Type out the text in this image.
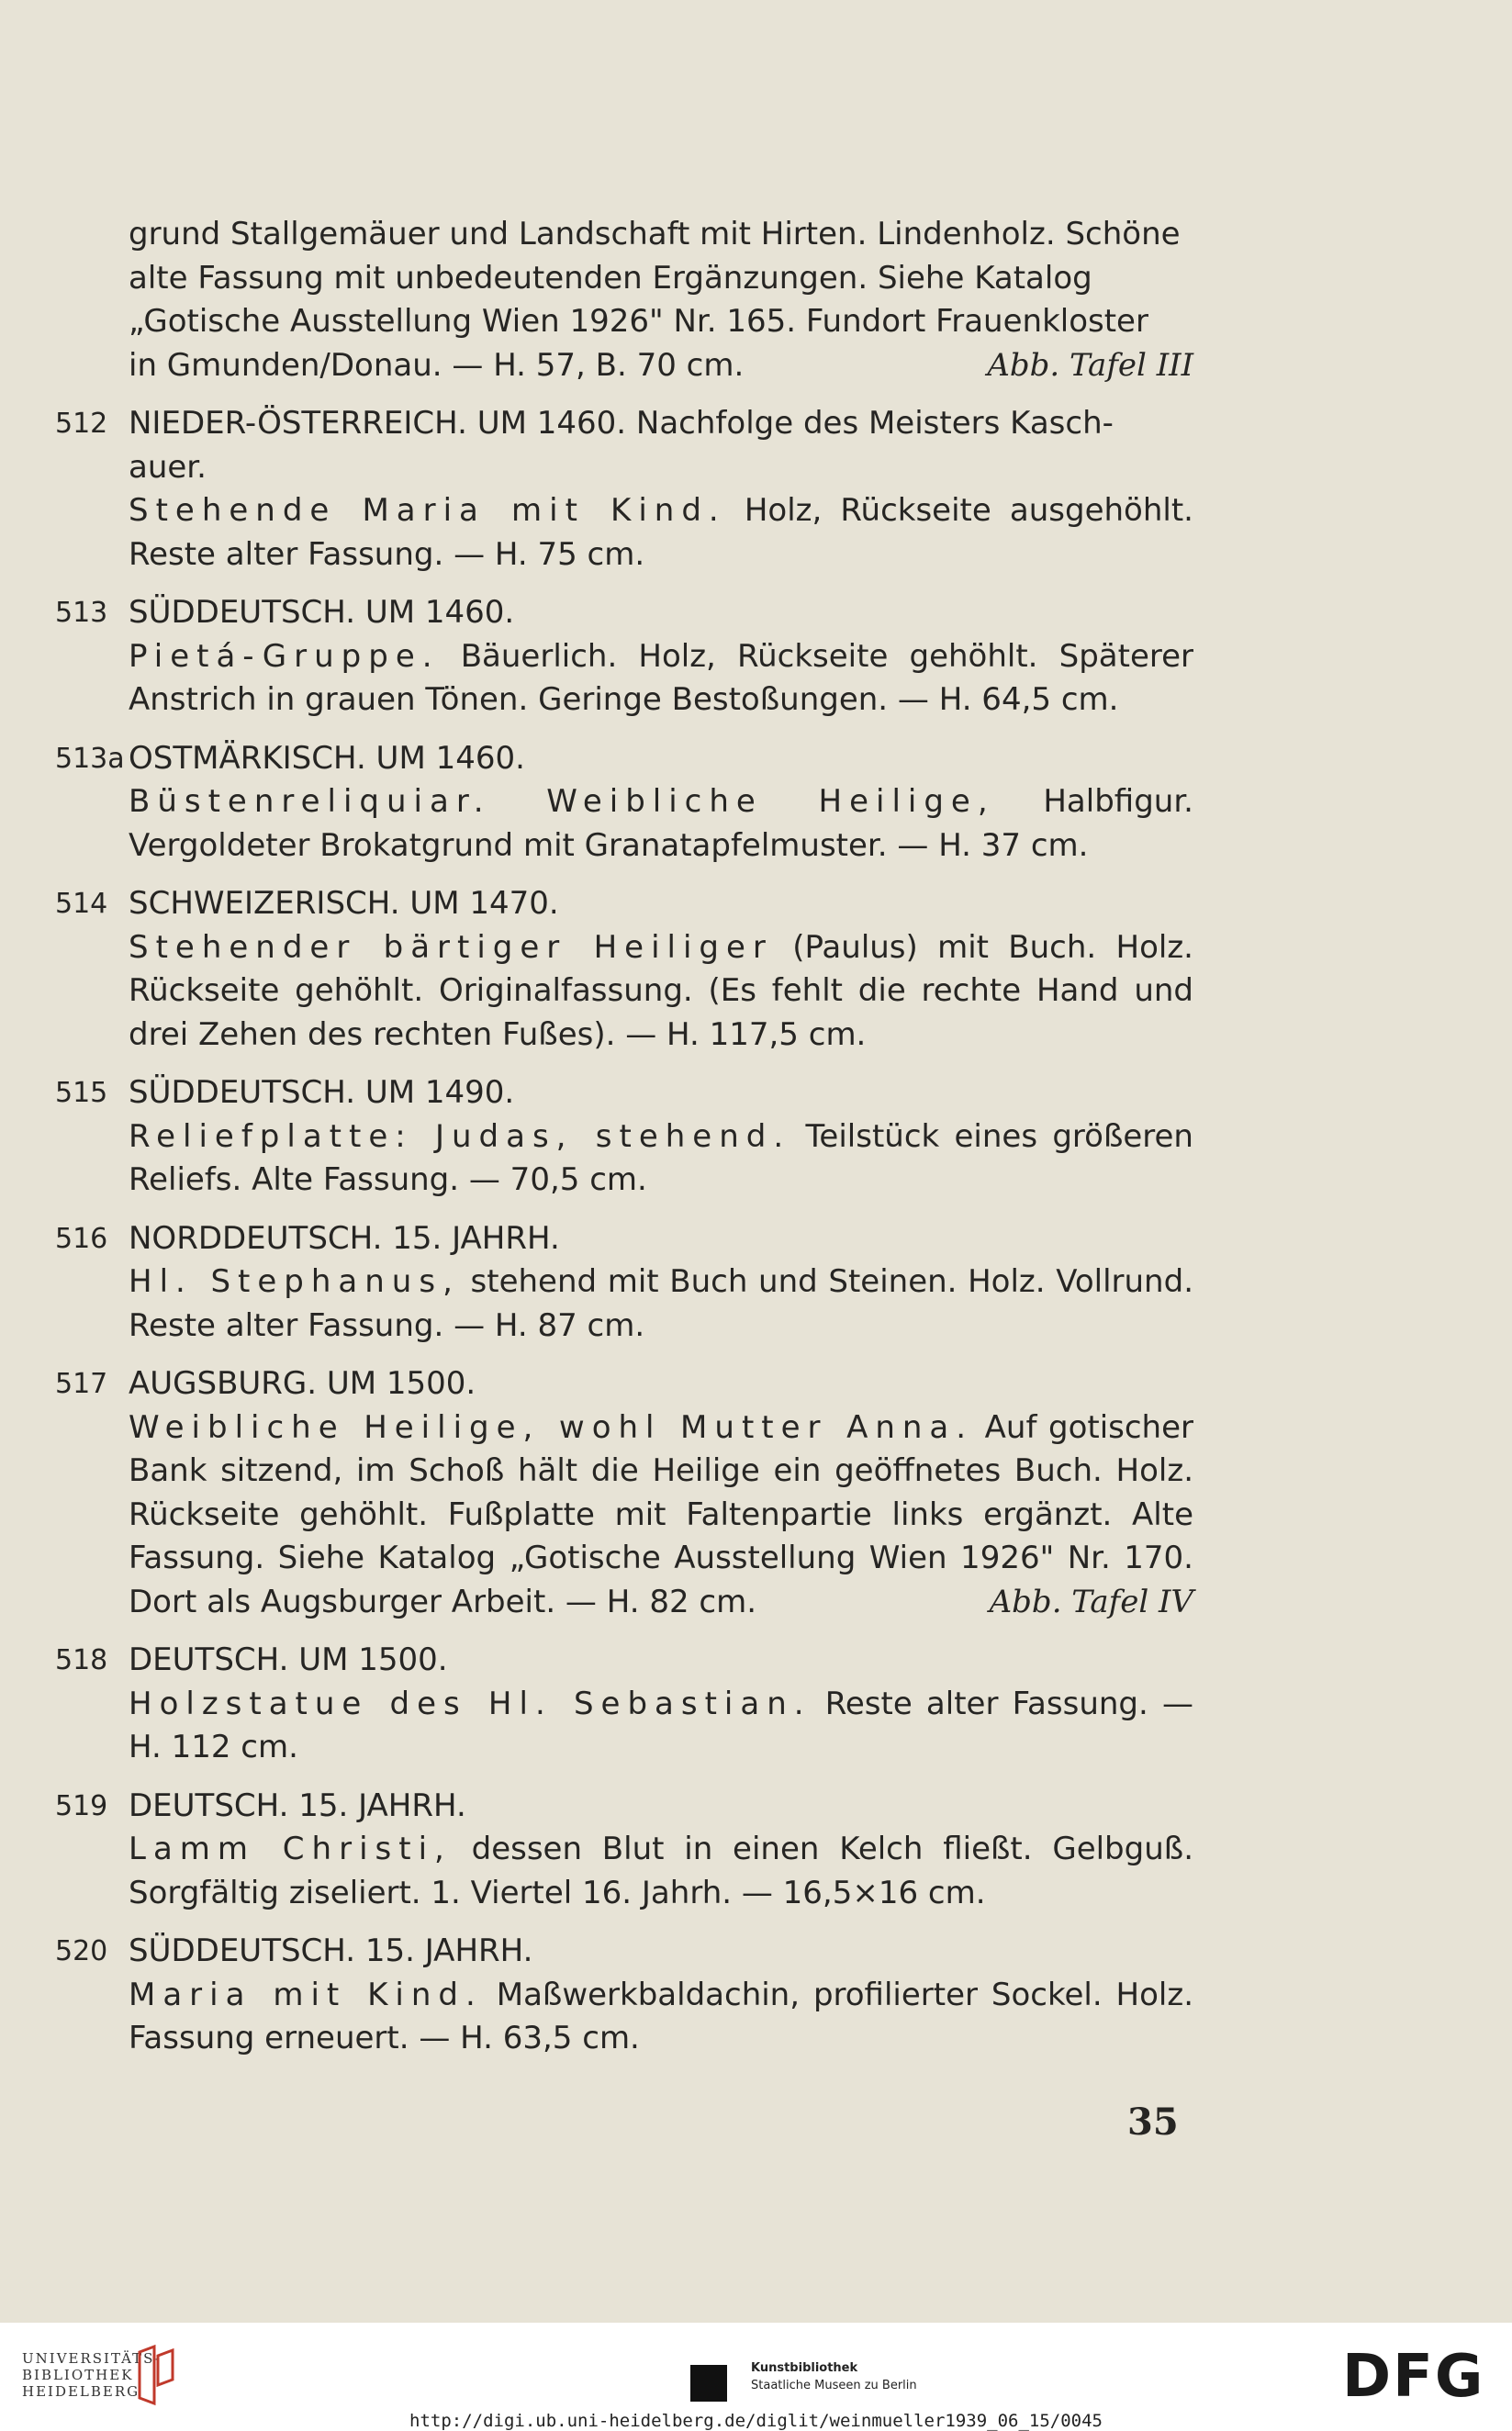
grund Stallgemäuer und Landschaft mit Hirten. Lindenholz. Schöne
alte Fassung mit unbedeutenden Ergänzungen. Siehe Katalog
„Gotische Ausstellung Wien 1926" Nr. 165. Fundort Frauenkloster
in Gmunden/Donau. — H. 57, B. 70 cm.	Abb. Tafel III
512 NIEDER-ÖSTERREICH. UM 1460. Nachfolge des Meisters Kasch-
auer.
Stehende Maria mit Kind. Holz, Rückseite ausgehöhlt. Reste alter Fassung. — H. 75 cm.
513 SÜDDEUTSCH. UM 1460.
Pietá-Gruppe. Bäuerlich. Holz, Rückseite gehöhlt. Späterer Anstrich in grauen Tönen. Geringe Bestoßungen. — H. 64,5 cm.
513a OSTMÄRKISCH. UM 1460.
Büstenreliquiar. Weibliche Heilige, Halbfigur. Vergoldeter Brokatgrund mit Granatapfelmuster. — H. 37 cm.
514 SCHWEIZERISCH. UM 1470.
Stehender bärtiger Heiliger (Paulus) mit Buch. Holz. Rückseite gehöhlt. Originalfassung. (Es fehlt die rechte Hand und drei Zehen des rechten Fußes). — H. 117,5 cm.
515 SÜDDEUTSCH. UM 1490.
Reliefplatte: Judas, stehend. Teilstück eines größeren Reliefs. Alte Fassung. — 70,5 cm.
516 NORDDEUTSCH. 15. JAHRH.
Hl. Stephanus, stehend mit Buch und Steinen. Holz. Vollrund. Reste alter Fassung. — H. 87 cm.
517 AUGSBURG. UM 1500.
Weibliche Heilige, wohl Mutter Anna. Auf gotischer Bank sitzend, im Schoß hält die Heilige ein geöffnetes Buch. Holz. Rückseite gehöhlt. Fußplatte mit Faltenpartie links ergänzt. Alte Fassung. Siehe Katalog „Gotische Ausstellung Wien 1926" Nr. 170. Dort als Augsburger Arbeit. — H. 82 cm.	Abb. Tafel IV
518 DEUTSCH. UM 1500.
Holzstatue des Hl. Sebastian. Reste alter Fassung. — H. 112 cm.
519 DEUTSCH. 15. JAHRH.
Lamm Christi, dessen Blut in einen Kelch fließt. Gelbguß. Sorgfältig ziseliert. 1. Viertel 16. Jahrh. — 16,5×16 cm.
520 SÜDDEUTSCH. 15. JAHRH.
Maria mit Kind. Maßwerkbaldachin, profilierter Sockel. Holz. Fassung erneuert. — H. 63,5 cm.
35
UNIVERSITÄTS-
BIBLIOTHEK
HEIDELBERG
Kunstbibliothek
Staatliche Museen zu Berlin	DFG
http://digi.ub.uni-heidelberg.de/diglit/weinmueller1939_06_15/0045
